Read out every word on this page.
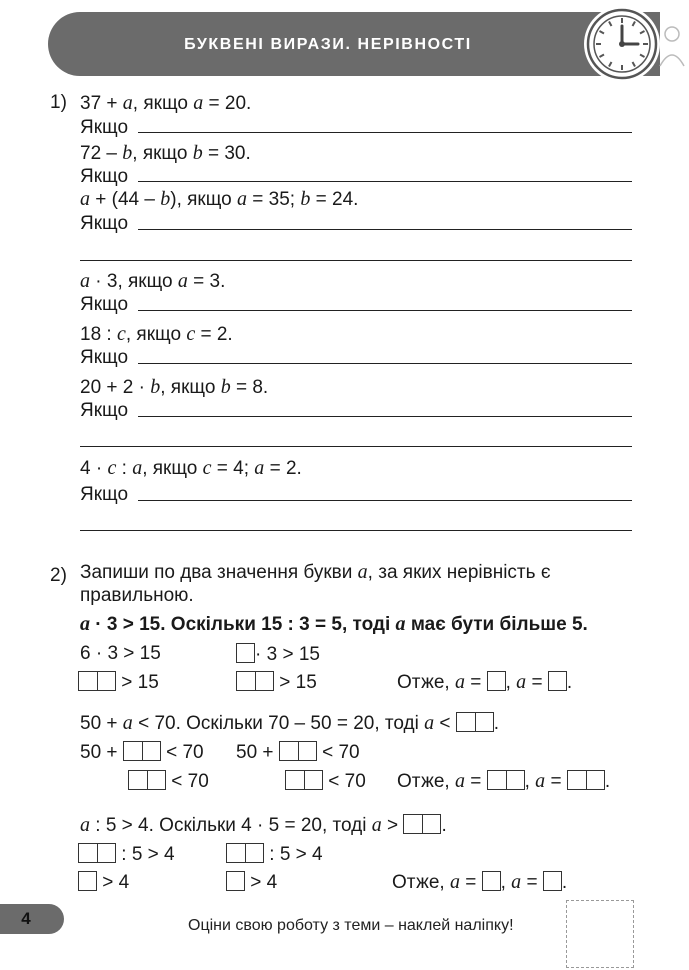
БУКВЕНІ ВИРАЗИ. НЕРІВНОСТІ
1) 37 + a, якщо a = 20.
Якщо
72 – b, якщо b = 30.
Якщо
a + (44 – b), якщо a = 35; b = 24.
Якщо
a · 3, якщо a = 3.
Якщо
18 : c, якщо c = 2.
Якщо
20 + 2 · b, якщо b = 8.
Якщо
4 · c : a, якщо c = 4; a = 2.
Якщо
2) Запиши по два значення букви a, за яких нерівність є
правильною.
a · 3 > 15. Оскільки 15 : 3 = 5, тоді a має бути більше 5.
6 · 3 > 15	· 3 > 15
> 15	> 15	Отже, a = , a = .
50 + a < 70. Оскільки 70 – 50 = 20, тоді a < .
50 +  < 70 50 +  < 70
< 70	< 70 Отже, a = , a = .
a : 5 > 4. Оскільки 4 · 5 = 20, тоді a > .
: 5 > 4	: 5 > 4
> 4	> 4	Отже, a = , a = .
4	Оціни свою роботу з теми – наклей наліпку!
